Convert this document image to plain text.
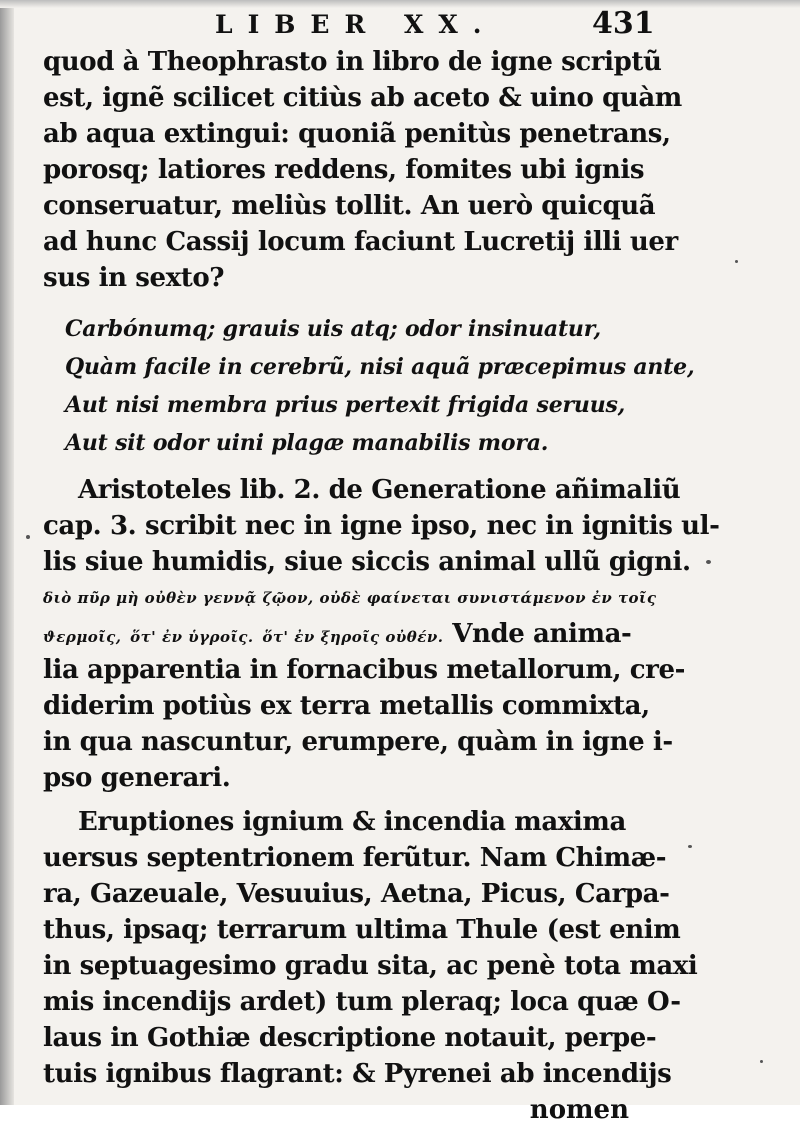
LIBER XX.	431
quod à Theophrasto in libro de igne scriptũ
est, ignẽ scilicet citiùs ab aceto & uino quàm
ab aqua extingui: quoniã penitùs penetrans,
porosq; latiores reddens, fomites ubi ignis
conseruatur, meliùs tollit. An uerò quicquã
ad hunc Cassij locum faciunt Lucretij illi uer
sus in sexto?
Carbónumq; grauis uis atq; odor insinuatur,
Quàm facile in cerebrũ, nisi aquã præcepimus ante,
Aut nisi membra prius pertexit frigida seruus,
Aut sit odor uini plagæ manabilis mora.
Aristoteles lib. 2. de Generatione añimaliũ
cap. 3. scribit nec in igne ipso, nec in ignitis ul-
lis siue humidis, siue siccis animal ullũ gigni.
διὸ πῦρ μὴ οὐθὲν γεννᾷ ζῷον, οὐδὲ φαίνεται συνιστάμενον ἐν τοῖς
ϑερμοῖς, ὅτ' ἐν ὑγροῖς. ὅτ' ἐν ξηροῖς οὐθέν. Vnde anima-
lia apparentia in fornacibus metallorum, cre-
diderim potiùs ex terra metallis commixta,
in qua nascuntur, erumpere, quàm in igne i-
pso generari.
Eruptiones ignium & incendia maxima
uersus septentrionem ferũtur. Nam Chimæ-
ra, Gazeuale, Vesuuius, Aetna, Picus, Carpa-
thus, ipsaq; terrarum ultima Thule (est enim
in septuagesimo gradu sita, ac penè tota maxi
mis incendijs ardet) tum pleraq; loca quæ O-
laus in Gothiæ descriptione notauit, perpe-
tuis ignibus flagrant: & Pyrenei ab incendijs
nomen
